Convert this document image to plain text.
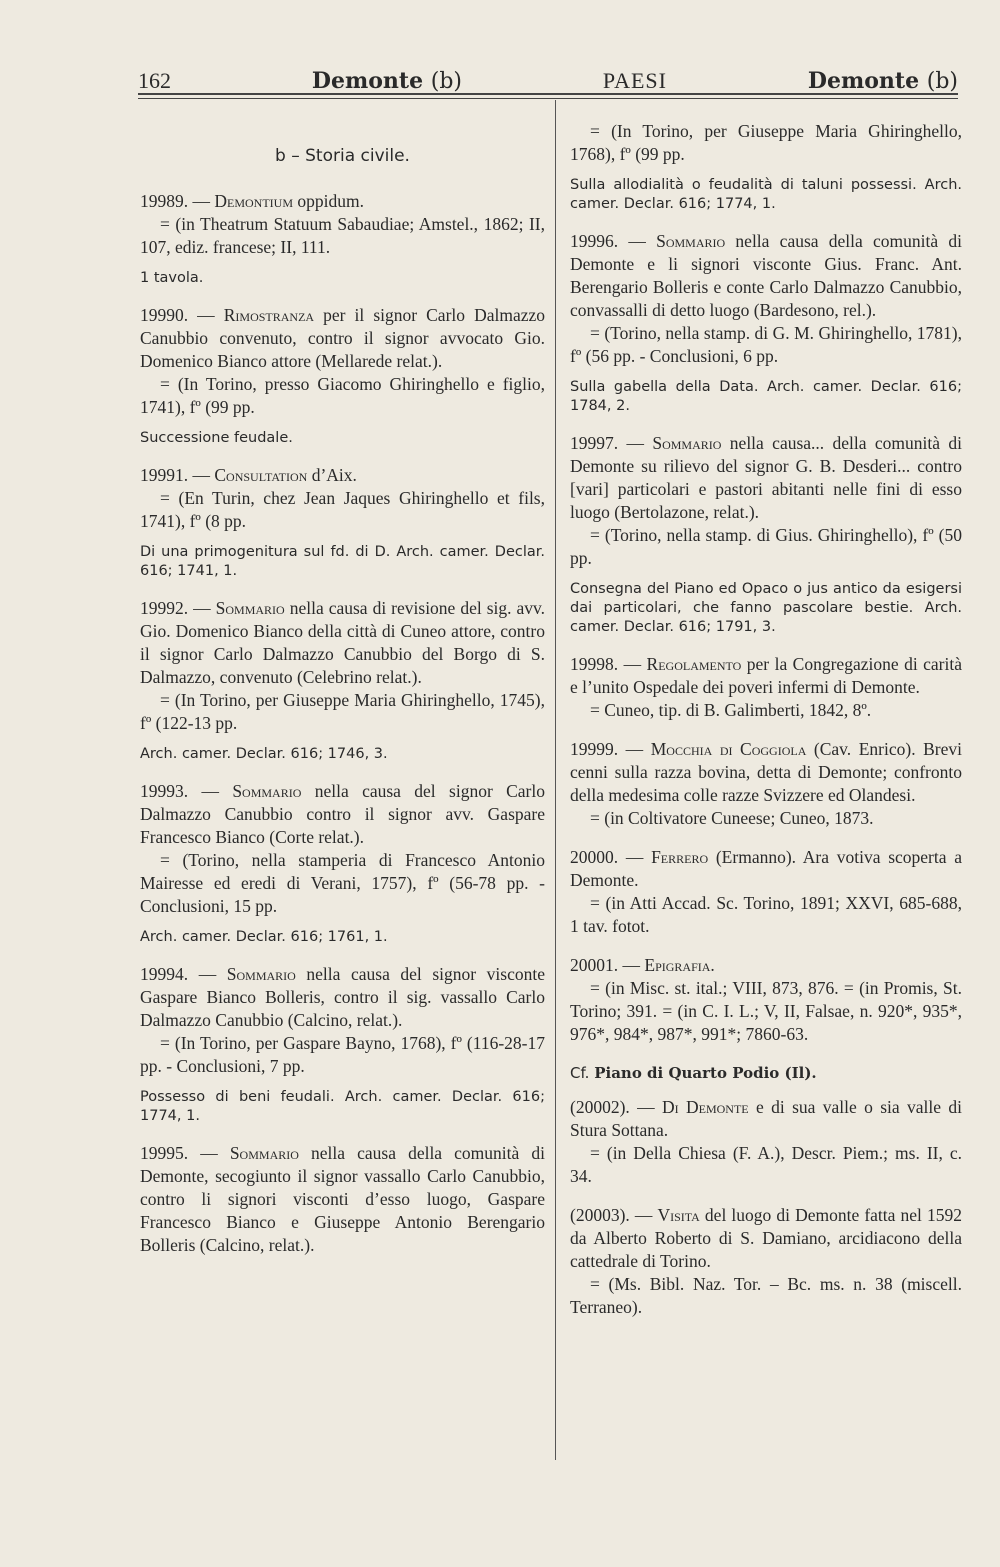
162	Demonte (b)	PAESI	Demonte (b)
b – Storia civile.

19989. — Demontium oppidum.

= (in Theatrum Statuum Sabaudiae; Amstel., 1862; II, 107, ediz. francese; II, 111.

1 tavola.

19990. — Rimostranza per il signor Carlo Dalmazzo Canubbio convenuto, contro il signor avvocato Gio. Domenico Bianco attore (Mellarede relat.).

= (In Torino, presso Giacomo Ghiringhello e figlio, 1741), fº (99 pp.

Successione feudale.

19991. — Consultation d’Aix.

= (En Turin, chez Jean Jaques Ghiringhello et fils, 1741), fº (8 pp.

Di una primogenitura sul fd. di D. Arch. camer. Declar. 616; 1741, 1.

19992. — Sommario nella causa di revisione del sig. avv. Gio. Domenico Bianco della città di Cuneo attore, contro il signor Carlo Dalmazzo Canubbio del Borgo di S. Dalmazzo, convenuto (Celebrino relat.).

= (In Torino, per Giuseppe Maria Ghiringhello, 1745), fº (122-13 pp.

Arch. camer. Declar. 616; 1746, 3.

19993. — Sommario nella causa del signor Carlo Dalmazzo Canubbio contro il signor avv. Gaspare Francesco Bianco (Corte relat.).

= (Torino, nella stamperia di Francesco Antonio Mairesse ed eredi di Verani, 1757), fº (56-78 pp. - Conclusioni, 15 pp.

Arch. camer. Declar. 616; 1761, 1.

19994. — Sommario nella causa del signor visconte Gaspare Bianco Bolleris, contro il sig. vassallo Carlo Dalmazzo Canubbio (Calcino, relat.).

= (In Torino, per Gaspare Bayno, 1768), fº (116-28-17 pp. - Conclusioni, 7 pp.

Possesso di beni feudali. Arch. camer. Declar. 616; 1774, 1.

19995. — Sommario nella causa della comunità di Demonte, secogiunto il signor vassallo Carlo Canubbio, contro li signori visconti d’esso luogo, Gaspare Francesco Bianco e Giuseppe Antonio Berengario Bolleris (Calcino, relat.).

= (In Torino, per Giuseppe Maria Ghiringhello, 1768), fº (99 pp.

Sulla allodialità o feudalità di taluni possessi. Arch. camer. Declar. 616; 1774, 1.

19996. — Sommario nella causa della comunità di Demonte e li signori visconte Gius. Franc. Ant. Berengario Bolleris e conte Carlo Dalmazzo Canubbio, convassalli di detto luogo (Bardesono, rel.).

= (Torino, nella stamp. di G. M. Ghiringhello, 1781), fº (56 pp. - Conclusioni, 6 pp.

Sulla gabella della Data. Arch. camer. Declar. 616; 1784, 2.

19997. — Sommario nella causa... della comunità di Demonte su rilievo del signor G. B. Desderi... contro [vari] particolari e pastori abitanti nelle fini di esso luogo (Bertolazone, relat.).

= (Torino, nella stamp. di Gius. Ghiringhello), fº (50 pp.

Consegna del Piano ed Opaco o jus antico da esigersi dai particolari, che fanno pascolare bestie. Arch. camer. Declar. 616; 1791, 3.

19998. — Regolamento per la Congregazione di carità e l’unito Ospedale dei poveri infermi di Demonte.

= Cuneo, tip. di B. Galimberti, 1842, 8º.

19999. — Mocchia di Coggiola (Cav. Enrico). Brevi cenni sulla razza bovina, detta di Demonte; confronto della medesima colle razze Svizzere ed Olandesi.

= (in Coltivatore Cuneese; Cuneo, 1873.

20000. — Ferrero (Ermanno). Ara votiva scoperta a Demonte.

= (in Atti Accad. Sc. Torino, 1891; XXVI, 685-688, 1 tav. fotot.

20001. — Epigrafia.

= (in Misc. st. ital.; VIII, 873, 876. = (in Promis, St. Torino; 391. = (in C. I. L.; V, II, Falsae, n. 920*, 935*, 976*, 984*, 987*, 991*; 7860-63.

Cf. Piano di Quarto Podio (Il).

(20002). — Di Demonte e di sua valle o sia valle di Stura Sottana.

= (in Della Chiesa (F. A.), Descr. Piem.; ms. II, c. 34.

(20003). — Visita del luogo di Demonte fatta nel 1592 da Alberto Roberto di S. Damiano, arcidiacono della cattedrale di Torino.

= (Ms. Bibl. Naz. Tor. – Bc. ms. n. 38 (miscell. Terraneo).
